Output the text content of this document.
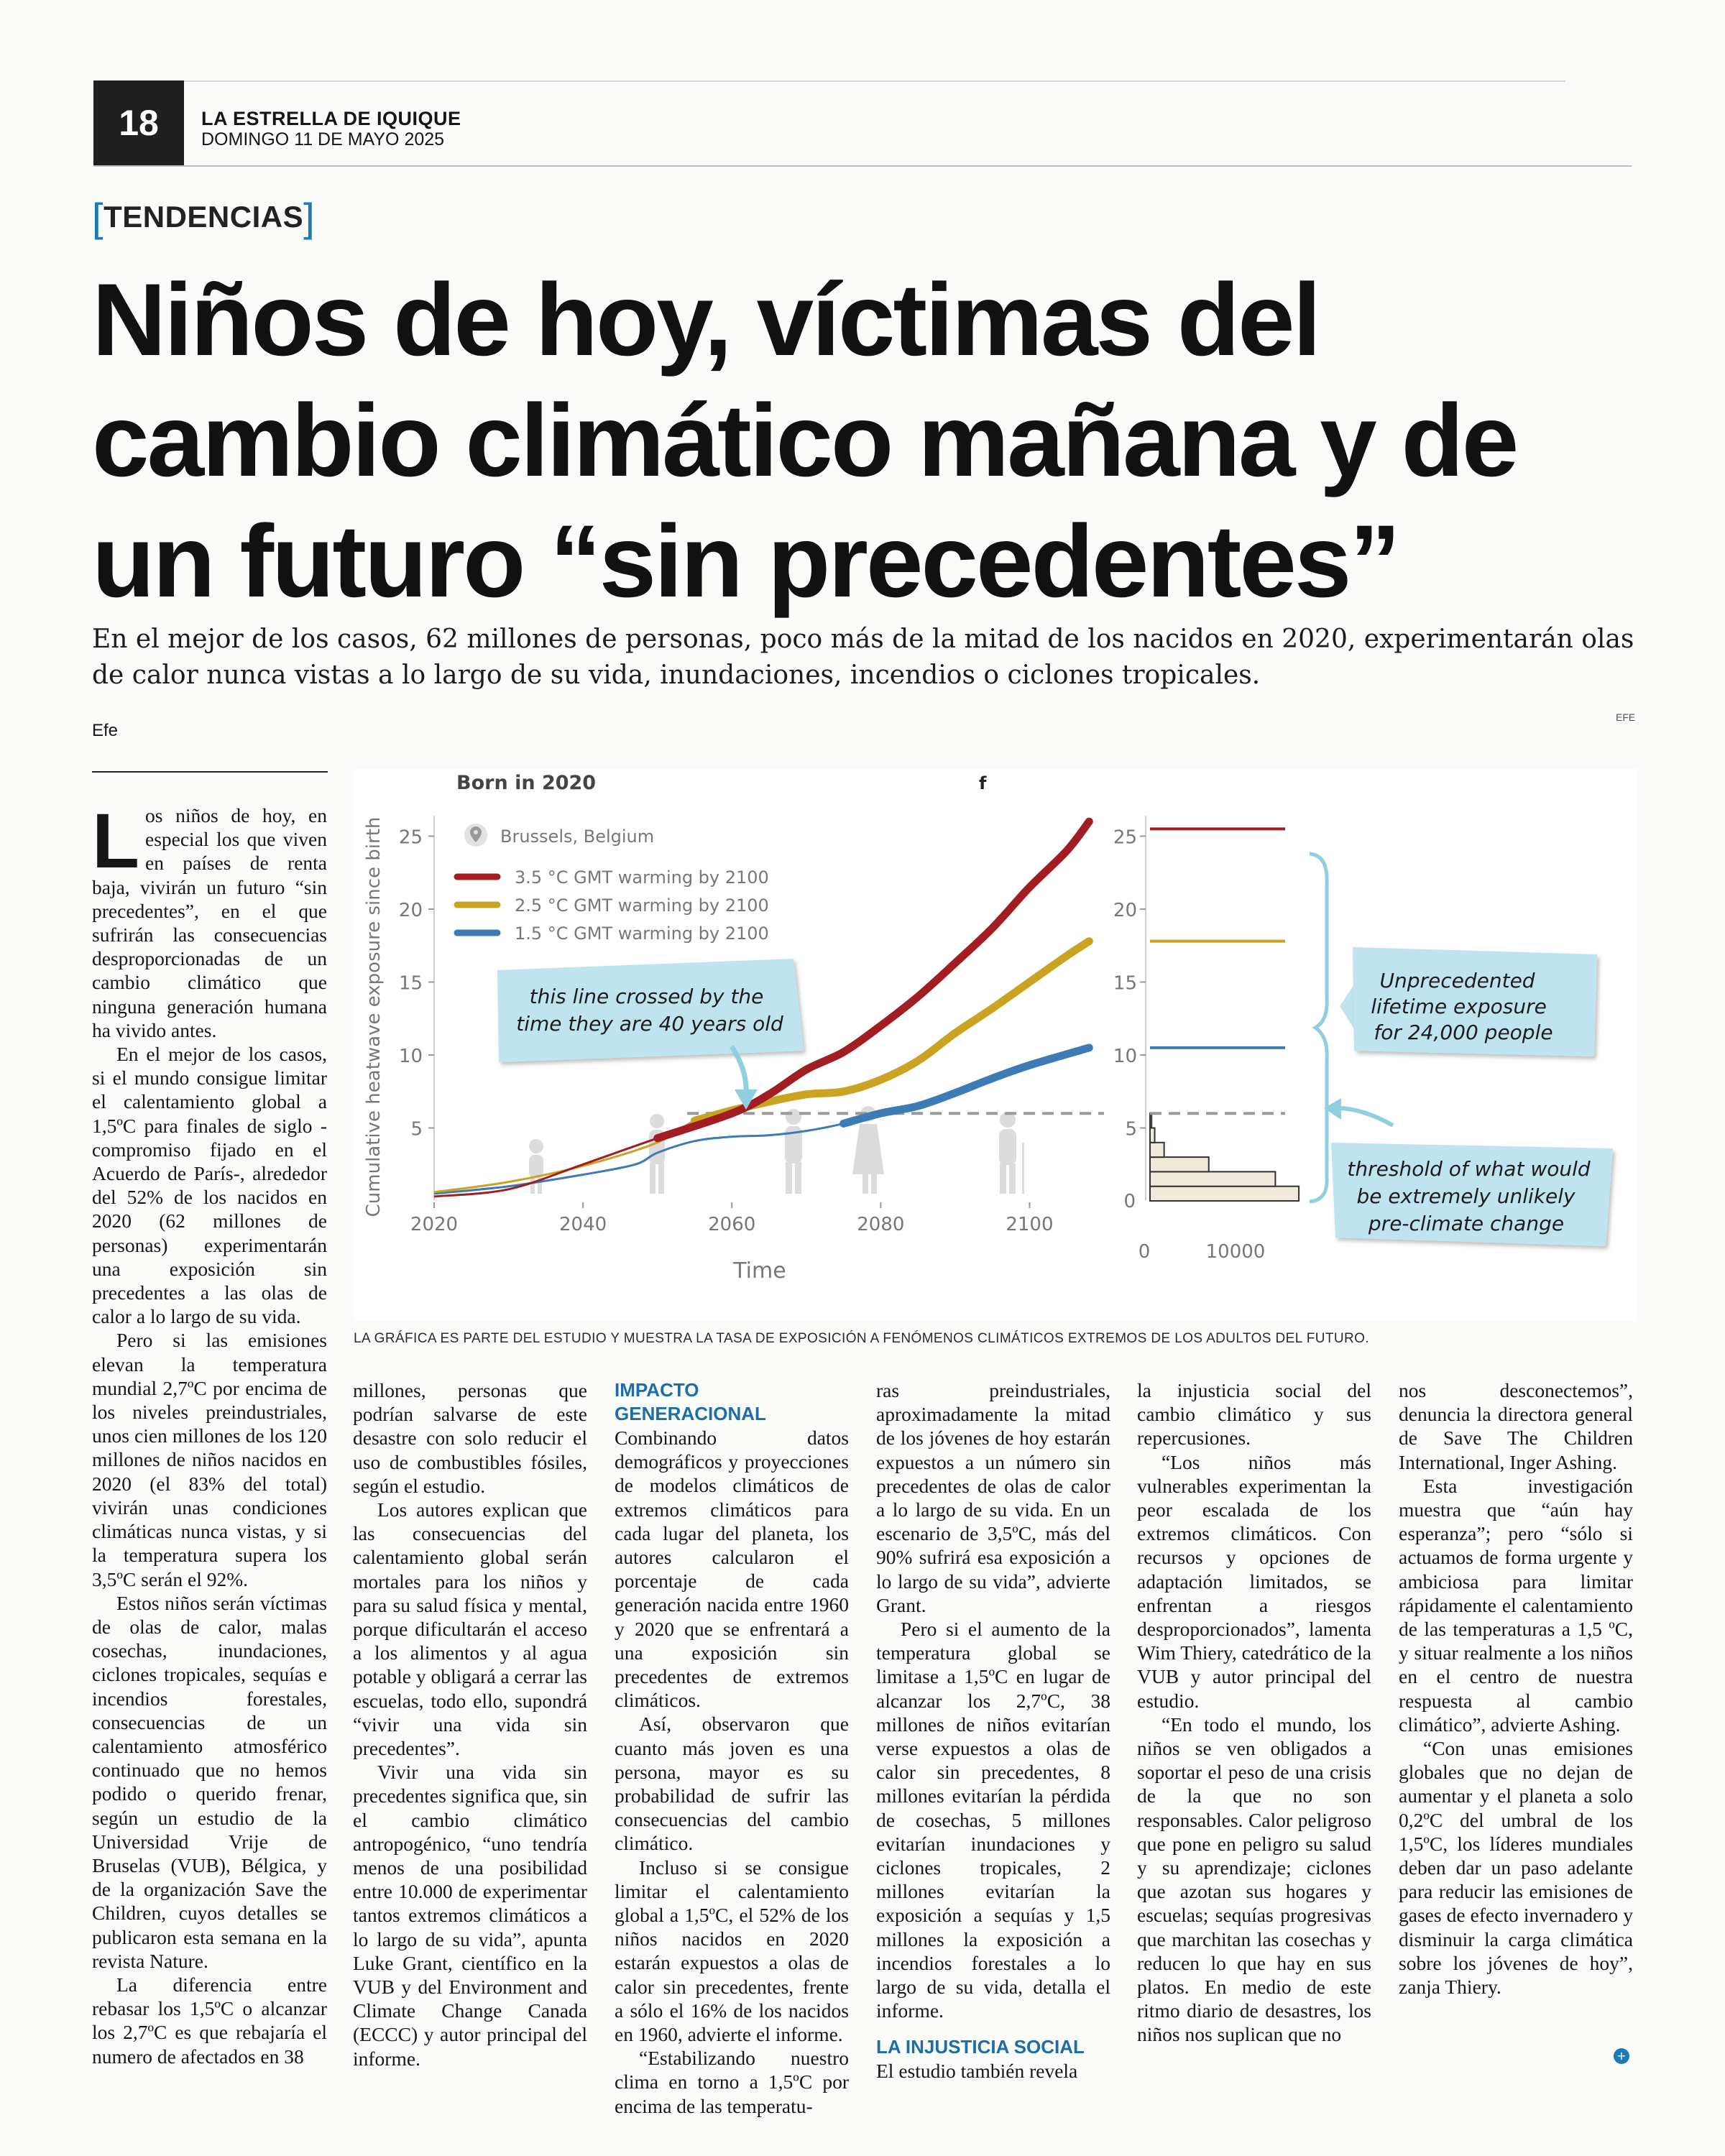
18	LA ESTRELLA DE IQUIQUE
DOMINGO 11 DE MAYO 2025
[TENDENCIAS]
Niños de hoy, víctimas del
cambio climático mañana y de
un futuro “sin precedentes”
En el mejor de los casos, 62 millones de personas, poco más de la mitad de los nacidos en 2020, experimentarán olas de calor nunca vistas a lo largo de su vida, inundaciones, incendios o ciclones tropicales.
Efe
EFE
5
10
15
20
25
2020	2040	2060	2080	2100
5
10
15
20
25
0
0	10000
Born in 2020	f
Cumulative heatwave exposure since birth
Time
Brussels, Belgium
3.5 °C GMT warming by 2100
2.5 °C GMT warming by 2100
1.5 °C GMT warming by 2100
this line crossed by the time they are 40 years old
Unprecedented lifetime exposure for 24,000 people
threshold of what would be extremely unlikely pre-climate change
LA GRÁFICA ES PARTE DEL ESTUDIO Y MUESTRA LA TASA DE EXPOSICIÓN A FENÓMENOS CLIMÁTICOS EXTREMOS DE LOS ADULTOS DEL FUTURO.

Los niños de hoy, en especial los que viven en países de renta baja, vivirán un futuro “sin precedentes”, en el que sufrirán las consecuencias desproporcionadas de un cambio climático que ninguna generación humana ha vivido antes.

En el mejor de los casos, si el mundo consigue limitar el calentamiento global a 1,5ºC para finales de siglo -compromiso fijado en el Acuerdo de París-, alrededor del 52% de los nacidos en 2020 (62 millones de personas) experimentarán una exposición sin precedentes a las olas de calor a lo largo de su vida.

Pero si las emisiones elevan la temperatura mundial 2,7ºC por encima de los niveles preindustriales, unos cien millones de los 120 millones de niños nacidos en 2020 (el 83% del total) vivirán unas condiciones climáticas nunca vistas, y si la temperatura supera los 3,5ºC serán el 92%.

Estos niños serán víctimas de olas de calor, malas cosechas, inundaciones, ciclones tropicales, sequías e incendios forestales, consecuencias de un calentamiento atmosférico continuado que no hemos podido o querido frenar, según un estudio de la Universidad Vrije de Bruselas (VUB), Bélgica, y de la organización Save the Children, cuyos detalles se publicaron esta semana en la revista Nature.

La diferencia entre rebasar los 1,5ºC o alcanzar los 2,7ºC es que rebajaría el numero de afectados en 38

millones, personas que podrían salvarse de este desastre con solo reducir el uso de combustibles fósiles, según el estudio.

Los autores explican que las consecuencias del calentamiento global serán mortales para los niños y para su salud física y mental, porque dificultarán el acceso a los alimentos y al agua potable y obligará a cerrar las escuelas, todo ello, supondrá “vivir una vida sin precedentes”.

Vivir una vida sin precedentes significa que, sin el cambio climático antropogénico, “uno tendría menos de una posibilidad entre 10.000 de experimentar tantos extremos climáticos a lo largo de su vida”, apunta Luke Grant, científico en la VUB y del Environment and Climate Change Canada (ECCC) y autor principal del informe.

IMPACTO GENERACIONAL

Combinando datos demográficos y proyecciones de modelos climáticos de extremos climáticos para cada lugar del planeta, los autores calcularon el porcentaje de cada generación nacida entre 1960 y 2020 que se enfrentará a una exposición sin precedentes de extremos climáticos.

Así, observaron que cuanto más joven es una persona, mayor es su probabilidad de sufrir las consecuencias del cambio climático.

Incluso si se consigue limitar el calentamiento global a 1,5ºC, el 52% de los niños nacidos en 2020 estarán expuestos a olas de calor sin precedentes, frente a sólo el 16% de los nacidos en 1960, advierte el informe.

“Estabilizando nuestro clima en torno a 1,5ºC por encima de las temperatu-

ras preindustriales, aproximadamente la mitad de los jóvenes de hoy estarán expuestos a un número sin precedentes de olas de calor a lo largo de su vida. En un escenario de 3,5ºC, más del 90% sufrirá esa exposición a lo largo de su vida”, advierte Grant.

Pero si el aumento de la temperatura global se limitase a 1,5ºC en lugar de alcanzar los 2,7ºC, 38 millones de niños evitarían verse expuestos a olas de calor sin precedentes, 8 millones evitarían la pérdida de cosechas, 5 millones evitarían inundaciones y ciclones tropicales, 2 millones evitarían la exposición a sequías y 1,5 millones la exposición a incendios forestales a lo largo de su vida, detalla el informe.

LA INJUSTICIA SOCIAL

El estudio también revela

la injusticia social del cambio climático y sus repercusiones.

“Los niños más vulnerables experimentan la peor escalada de los extremos climáticos. Con recursos y opciones de adaptación limitados, se enfrentan a riesgos desproporcionados”, lamenta Wim Thiery, catedrático de la VUB y autor principal del estudio.

“En todo el mundo, los niños se ven obligados a soportar el peso de una crisis de la que no son responsables. Calor peligroso que pone en peligro su salud y su aprendizaje; ciclones que azotan sus hogares y escuelas; sequías progresivas que marchitan las cosechas y reducen lo que hay en sus platos. En medio de este ritmo diario de desastres, los niños nos suplican que no

nos desconectemos”, denuncia la directora general de Save The Children International, Inger Ashing.

Esta investigación muestra que “aún hay esperanza”; pero “sólo si actuamos de forma urgente y ambiciosa para limitar rápidamente el calentamiento de las temperaturas a 1,5 ºC, y situar realmente a los niños en el centro de nuestra respuesta al cambio climático”, advierte Ashing.

“Con unas emisiones globales que no dejan de aumentar y el planeta a solo 0,2ºC del umbral de los 1,5ºC, los líderes mundiales deben dar un paso adelante para reducir las emisiones de gases de efecto invernadero y disminuir la carga climática sobre los jóvenes de hoy”, zanja Thiery.

+
